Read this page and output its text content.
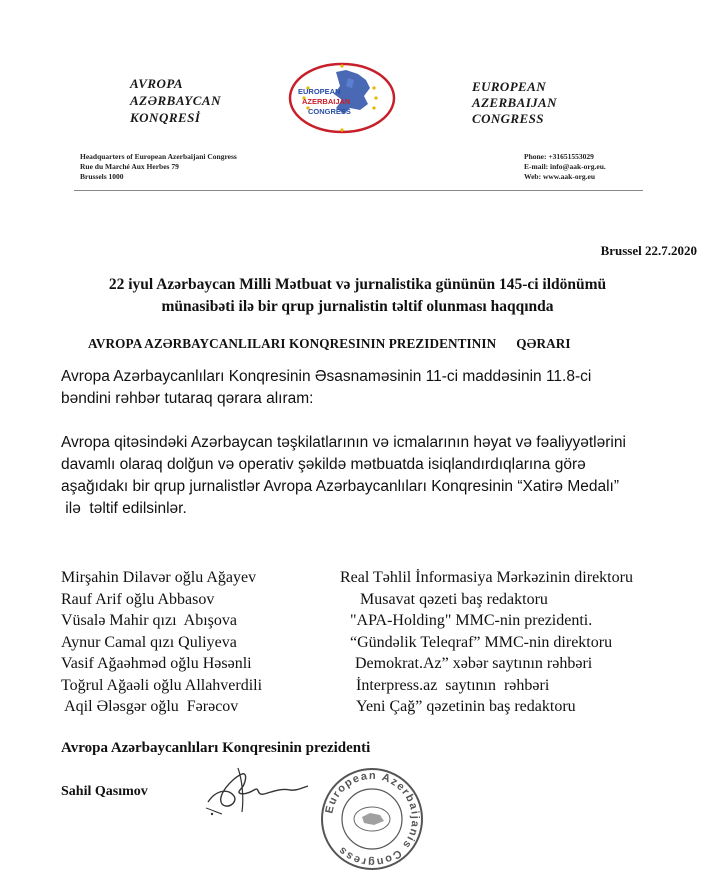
AVROPA
AZƏRBAYCAN
KONQRESİ
EUROPEAN
AZERBAIJAN
CONGRESS
EUROPEAN
AZERBAIJAN
CONGRESS
Headquarters of European Azerbaijani Congress
Rue du Marché Aux Herbes 79
Brussels 1000
Phone: +31651553029
E-mail: info@aak-org.eu.
Web: www.aak-org.eu
Brussel 22.7.2020
22 iyul Azərbaycan Milli Mətbuat və jurnalistika gününün 145-ci ildönümü
münasibəti ilə bir qrup jurnalistin təltif olunması haqqında
AVROPA AZƏRBAYCANLILARI KONQRESININ PREZIDENTININ QƏRARI
Avropa Azərbaycanlıları Konqresinin Əsasnaməsinin 11-ci maddəsinin 11.8-ci
bəndini rəhbər tutaraq qərara alıram:
Avropa qitəsindəki Azərbaycan təşkilatlarının və icmalarının həyat və fəaliyyətlərini
davamlı olaraq dolğun və operativ şəkildə mətbuatda isiqlandırdıqlarına görə
aşağıdakı bir qrup jurnalistlər Avropa Azərbaycanlıları Konqresinin “Xatirə Medalı”
ilə  təltif edilsinlər.
Mirşahin Dilavər oğlu Ağayev
Rauf Arif oğlu Abbasov
Vüsalə Mahir qızı  Abışova
Aynur Camal qızı Quliyeva
Vasif Ağaəhməd oğlu Həsənli
Toğrul Ağaəli oğlu Allahverdili
Aqil Ələsgər oğlu  Fərəcov
Real Təhlil İnformasiya Mərkəzinin direktoru
Musavat qəzeti baş redaktoru
"APA-Holding" MMC-nin prezidenti.
“Gündəlik Teleqraf” MMC-nin direktoru
Demokrat.Az” xəbər saytının rəhbəri
İnterpress.az  saytının  rəhbəri
Yeni Çağ” qəzetinin baş redaktoru
Avropa Azərbaycanlıları Konqresinin prezidenti
Sahil Qasımov
European Azerbaijanis Congress
